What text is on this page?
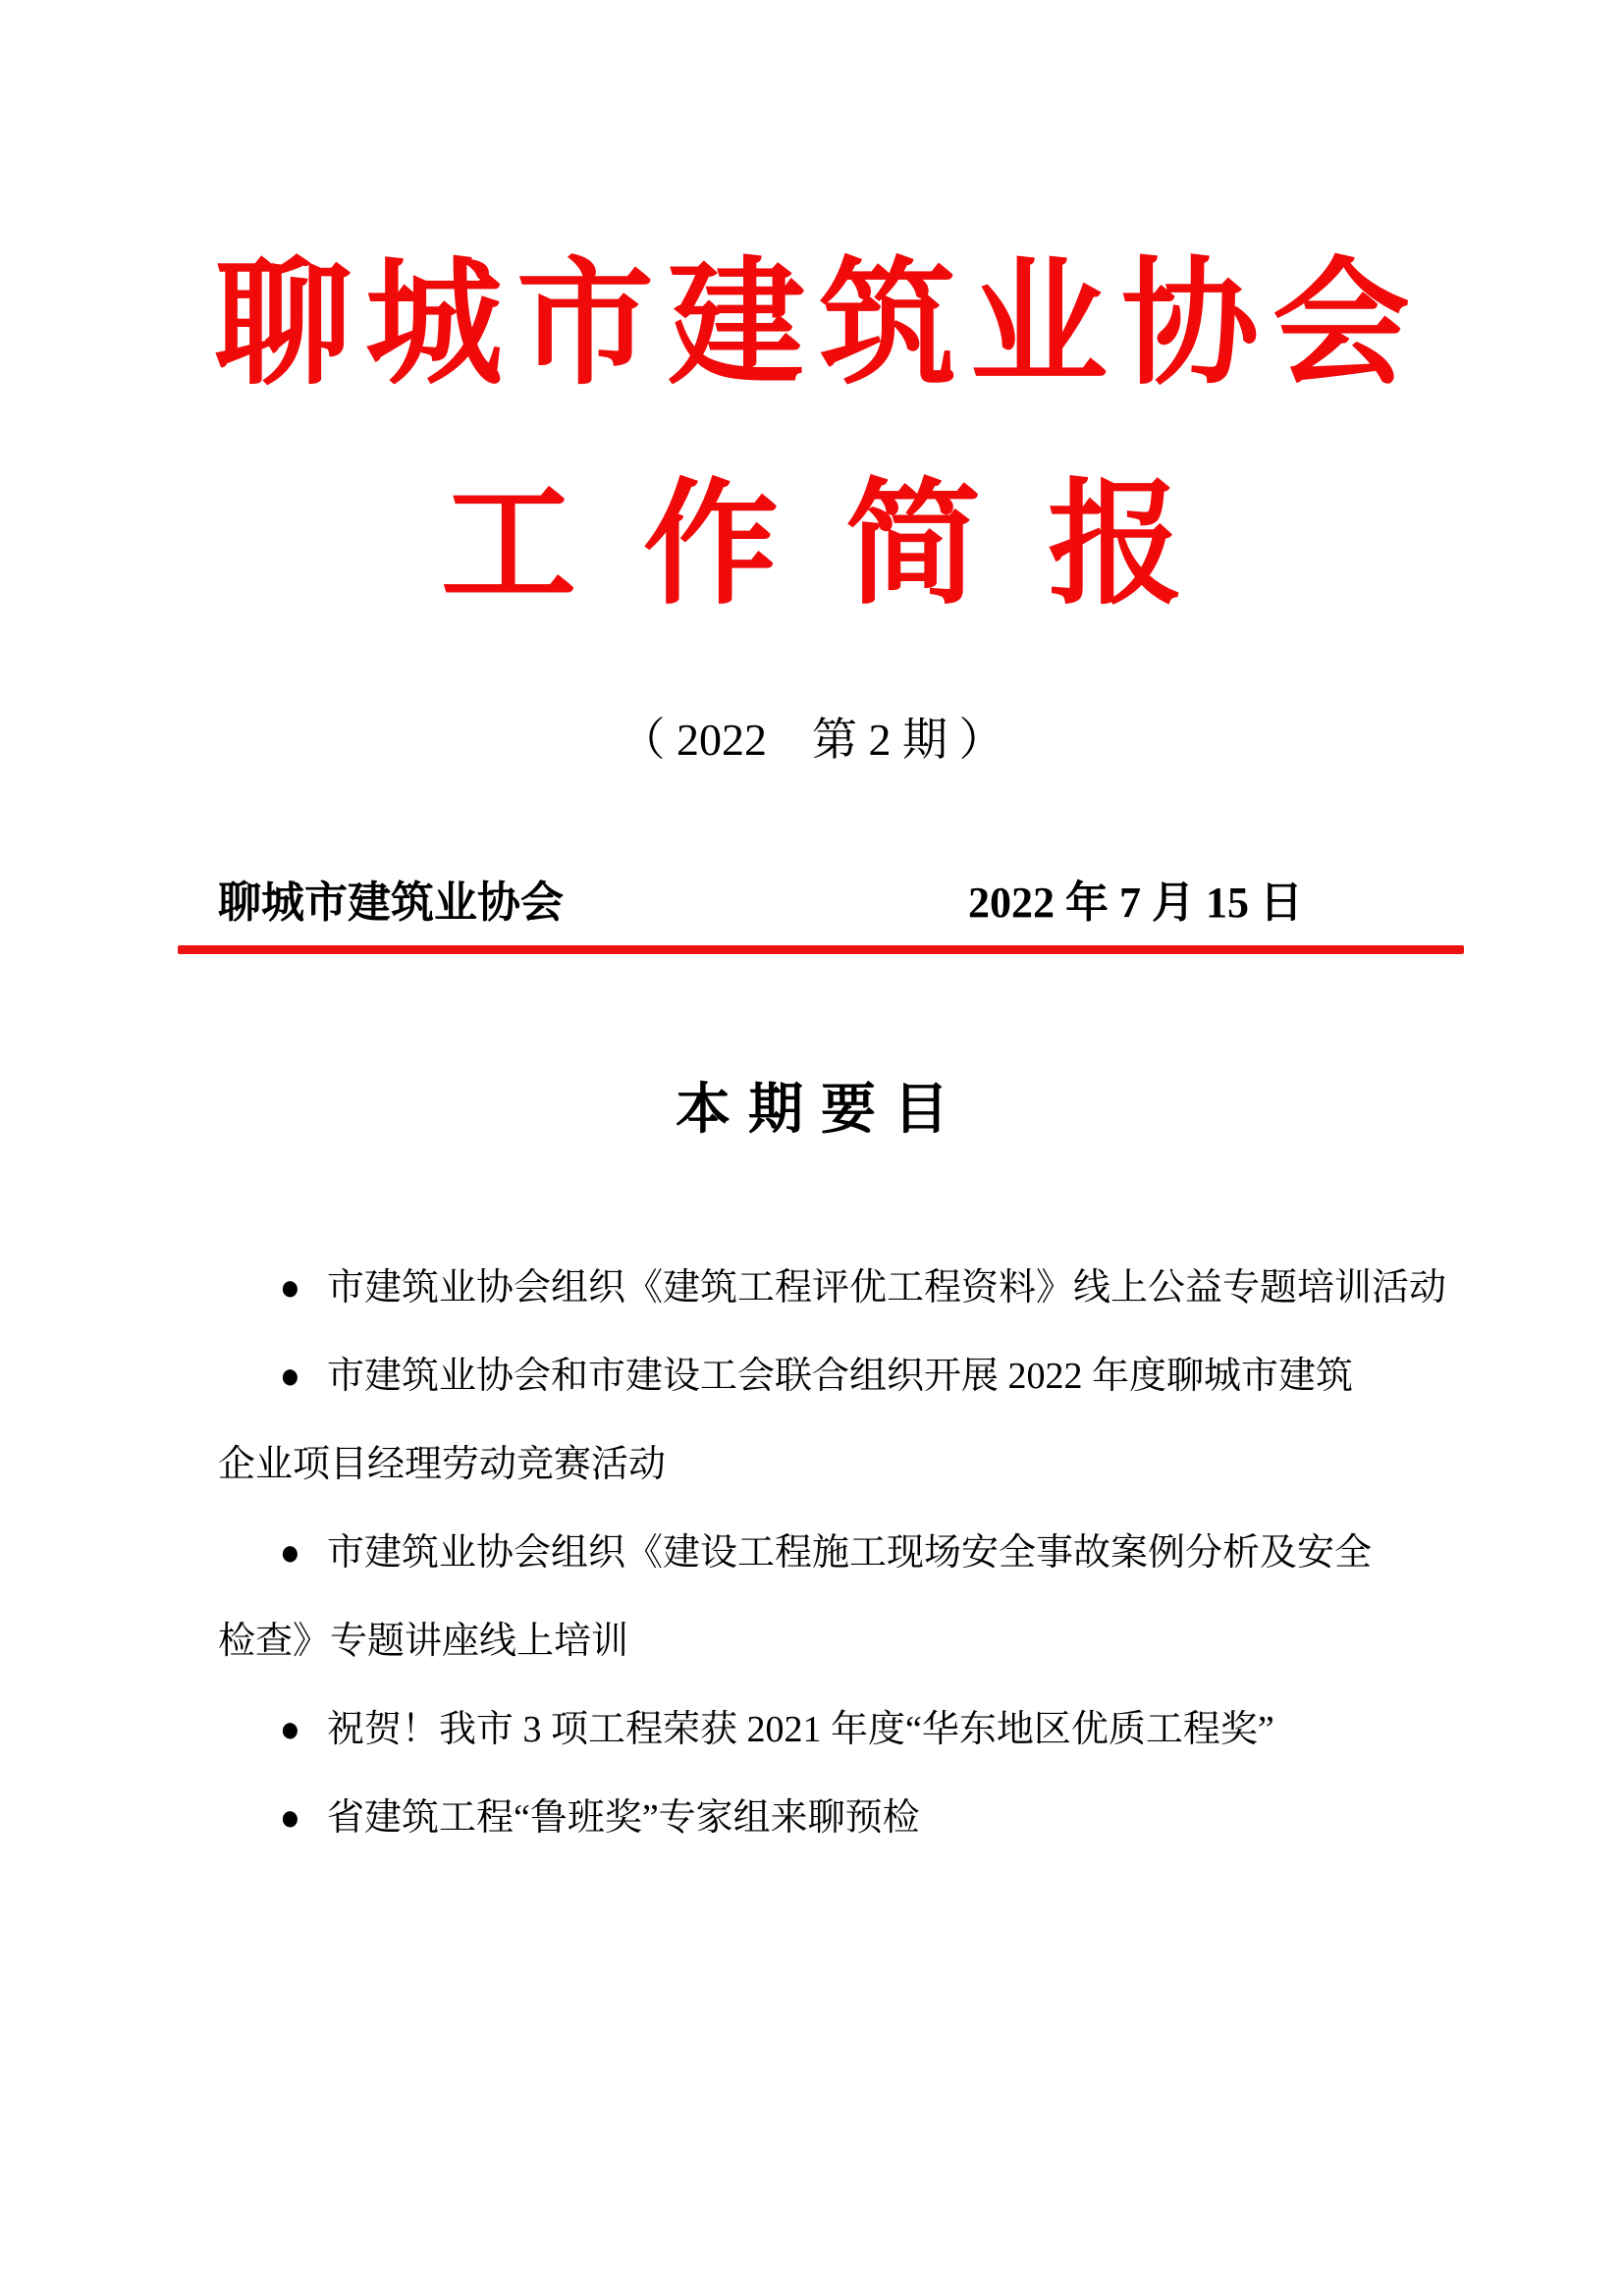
聊城市建筑业协会
工作简报
（ 2022　第 2 期 ）
聊城市建筑业协会	2022 年 7 月 15 日
本期要目
● 市建筑业协会组织《建筑工程评优工程资料》线上公益专题培训活动
● 市建筑业协会和市建设工会联合组织开展 2022 年度聊城市建筑
企业项目经理劳动竞赛活动
● 市建筑业协会组织《建设工程施工现场安全事故案例分析及安全
检查》专题讲座线上培训
● 祝贺！我市 3 项工程荣获 2021 年度“华东地区优质工程奖”
● 省建筑工程“鲁班奖”专家组来聊预检
